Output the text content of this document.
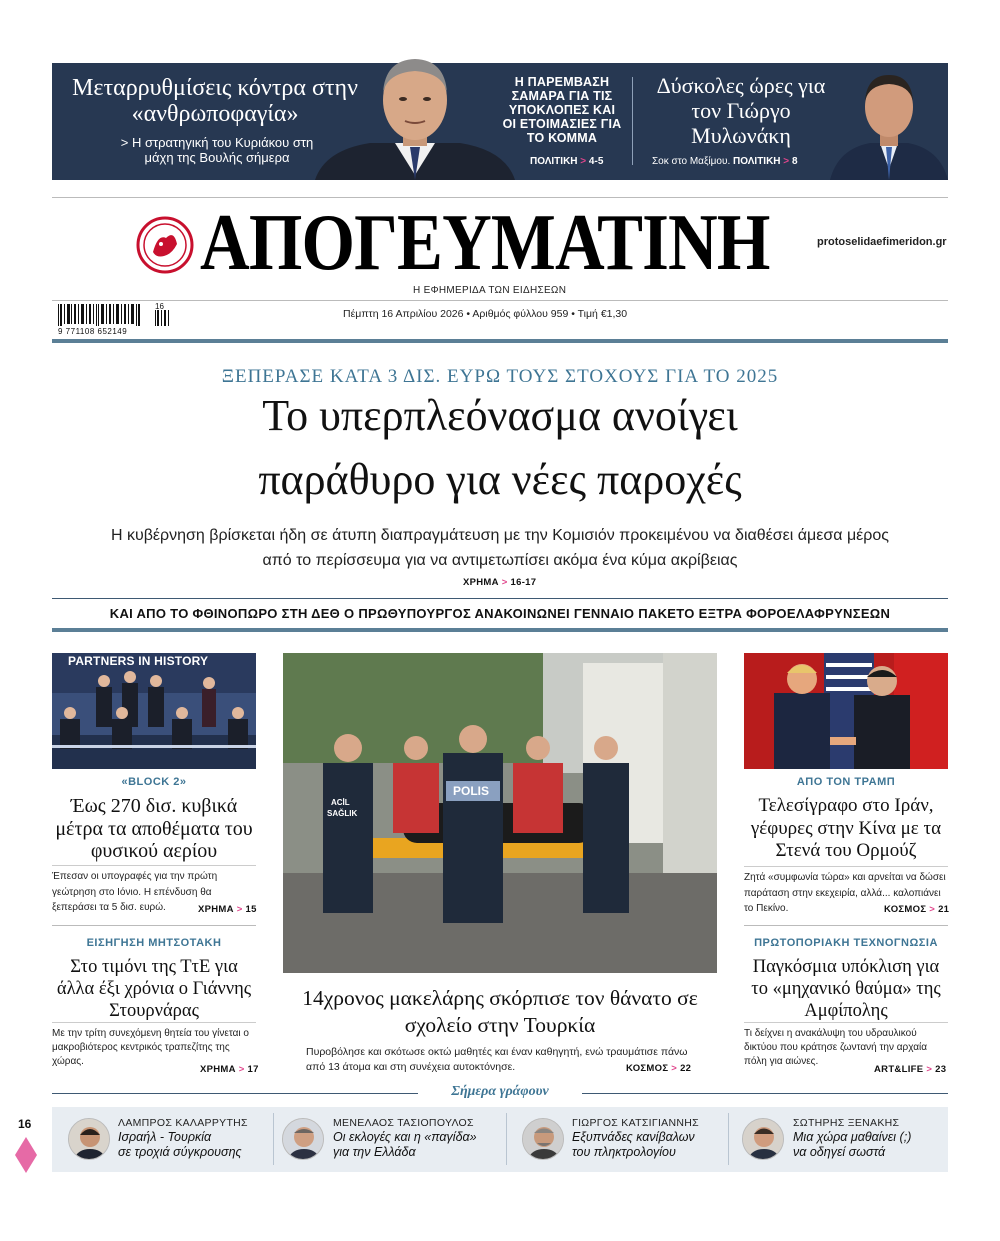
Μεταρρυθμίσεις κόντρα στην «ανθρωποφαγία»
> Η στρατηγική του Κυριάκου στη μάχη της Βουλής σήμερα
Η ΠΑΡΕΜΒΑΣΗ ΣΑΜΑΡΑ ΓΙΑ ΤΙΣ ΥΠΟΚΛΟΠΕΣ ΚΑΙ ΟΙ ΕΤΟΙΜΑΣΙΕΣ ΓΙΑ ΤΟ ΚΟΜΜΑ
ΠΟΛΙΤΙΚΗ > 4-5
Δύσκολες ώρες για τον Γιώργο Μυλωνάκη
Σοκ στο Μαξίμου. ΠΟΛΙΤΙΚΗ > 8
ΑΠΟΓΕΥΜΑΤΙΝΗ	protoselidaefimeridon.gr
Η ΕΦΗΜΕΡΙΔΑ ΤΩΝ ΕΙΔΗΣΕΩΝ
16
9 771108 652149
Πέμπτη 16 Απριλίου 2026 • Αριθμός φύλλου 959 • Τιμή €1,30
ΞΕΠΕΡΑΣΕ ΚΑΤΑ 3 ΔΙΣ. ΕΥΡΩ ΤΟΥΣ ΣΤΟΧΟΥΣ ΓΙΑ ΤΟ 2025
Το υπερπλεόνασμα ανοίγει
παράθυρο για νέες παροχές
Η κυβέρνηση βρίσκεται ήδη σε άτυπη διαπραγμάτευση με την Κομισιόν προκειμένου να διαθέσει άμεσα μέρος από το περίσσευμα για να αντιμετωπίσει ακόμα ένα κύμα ακρίβειας
ΧΡΗΜΑ > 16-17
ΚΑΙ ΑΠΟ ΤΟ ΦΘΙΝΟΠΩΡΟ ΣΤΗ ΔΕΘ Ο ΠΡΩΘΥΠΟΥΡΓΟΣ ΑΝΑΚΟΙΝΩΝΕΙ ΓΕΝΝΑΙΟ ΠΑΚΕΤΟ ΕΞΤΡΑ ΦΟΡΟΕΛΑΦΡΥΝΣΕΩΝ
PARTNERS IN HISTORY
«BLOCK 2»
Έως 270 δισ. κυβικά μέτρα τα αποθέματα του φυσικού αερίου
Έπεσαν οι υπογραφές για την πρώτη γεώτρηση στο Ιόνιο. Η επένδυση θα ξεπεράσει τα 5 δισ. ευρώ.	ΧΡΗΜΑ > 15
ΕΙΣΗΓΗΣΗ ΜΗΤΣΟΤΑΚΗ
Στο τιμόνι της ΤτΕ για άλλα έξι χρόνια ο Γιάννης Στουρνάρας
Με την τρίτη συνεχόμενη θητεία του γίνεται ο μακροβιότερος κεντρικός τραπεζίτης της χώρας.
ΧΡΗΜΑ > 17
POLIS
ACİL
SAĞLIK
14χρονος μακελάρης σκόρπισε τον θάνατο σε σχολείο στην Τουρκία
Πυροβόλησε και σκότωσε οκτώ μαθητές και έναν καθηγητή, ενώ τραυμάτισε πάνω από 13 άτομα και στη συνέχεια αυτοκτόνησε.	ΚΟΣΜΟΣ > 22
ΑΠΟ ΤΟΝ ΤΡΑΜΠ
Τελεσίγραφο στο Ιράν, γέφυρες στην Κίνα με τα Στενά του Ορμούζ
Ζητά «συμφωνία τώρα» και αρνείται να δώσει παράταση στην εκεχειρία, αλλά... καλοπιάνει το Πεκίνο.	ΚΟΣΜΟΣ > 21
ΠΡΩΤΟΠΟΡΙΑΚΗ ΤΕΧΝΟΓΝΩΣΙΑ
Παγκόσμια υπόκλιση για το «μηχανικό θαύμα» της Αμφίπολης
Τι δείχνει η ανακάλυψη του υδραυλικού δικτύου που κράτησε ζωντανή την αρχαία πόλη για αιώνες.
ART&LIFE > 23
Σήμερα γράφουν
ΛΑΜΠΡΟΣ ΚΑΛΑΡΡΥΤΗΣ
Ισραήλ - Τουρκία
σε τροχιά σύγκρουσης
ΜΕΝΕΛΑΟΣ ΤΑΣΙΟΠΟΥΛΟΣ
Οι εκλογές και η «παγίδα»
για την Ελλάδα
ΓΙΩΡΓΟΣ ΚΑΤΣΙΓΙΑΝΝΗΣ
Εξυπνάδες κανίβαλων
του πληκτρολογίου
ΣΩΤΗΡΗΣ ΞΕΝΑΚΗΣ
Μια χώρα μαθαίνει (;)
να οδηγεί σωστά
16
